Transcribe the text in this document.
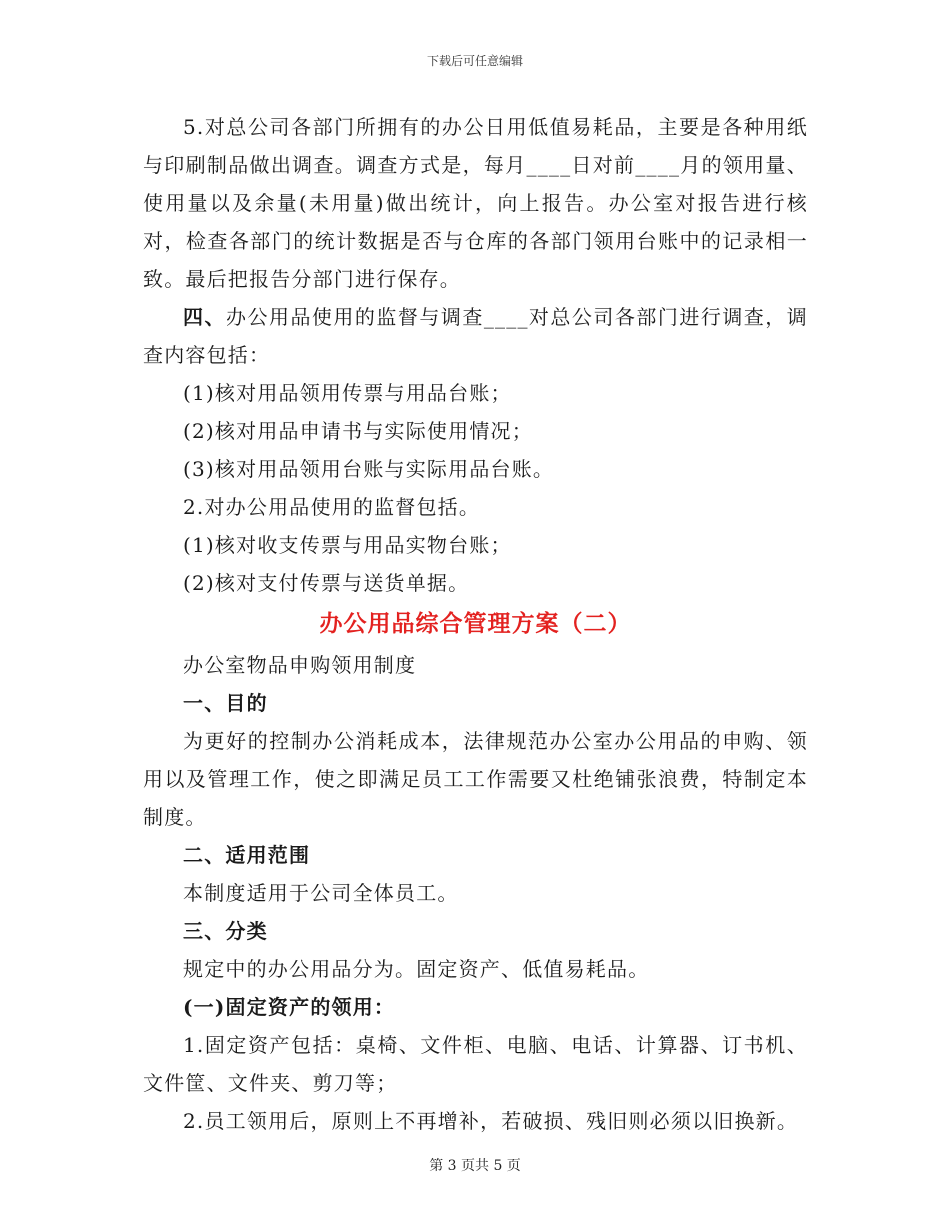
下载后可任意编辑

5.对总公司各部门所拥有的办公日用低值易耗品，主要是各种用纸与印刷制品做出调查。调查方式是，每月____日对前____月的领用量、使用量以及余量(未用量)做出统计，向上报告。办公室对报告进行核对，检查各部门的统计数据是否与仓库的各部门领用台账中的记录相一致。最后把报告分部门进行保存。

四、办公用品使用的监督与调查____对总公司各部门进行调查，调查内容包括：

(1)核对用品领用传票与用品台账；

(2)核对用品申请书与实际使用情况；

(3)核对用品领用台账与实际用品台账。

2.对办公用品使用的监督包括。

(1)核对收支传票与用品实物台账；

(2)核对支付传票与送货单据。

办公用品综合管理方案（二）

办公室物品申购领用制度

一、目的

为更好的控制办公消耗成本，法律规范办公室办公用品的申购、领用以及管理工作，使之即满足员工工作需要又杜绝铺张浪费，特制定本制度。

二、适用范围

本制度适用于公司全体员工。

三、分类

规定中的办公用品分为。固定资产、低值易耗品。

(一)固定资产的领用：

1.固定资产包括：桌椅、文件柜、电脑、电话、计算器、订书机、文件筐、文件夹、剪刀等；

2.员工领用后，原则上不再增补，若破损、残旧则必须以旧换新。

第 3 页共 5 页
